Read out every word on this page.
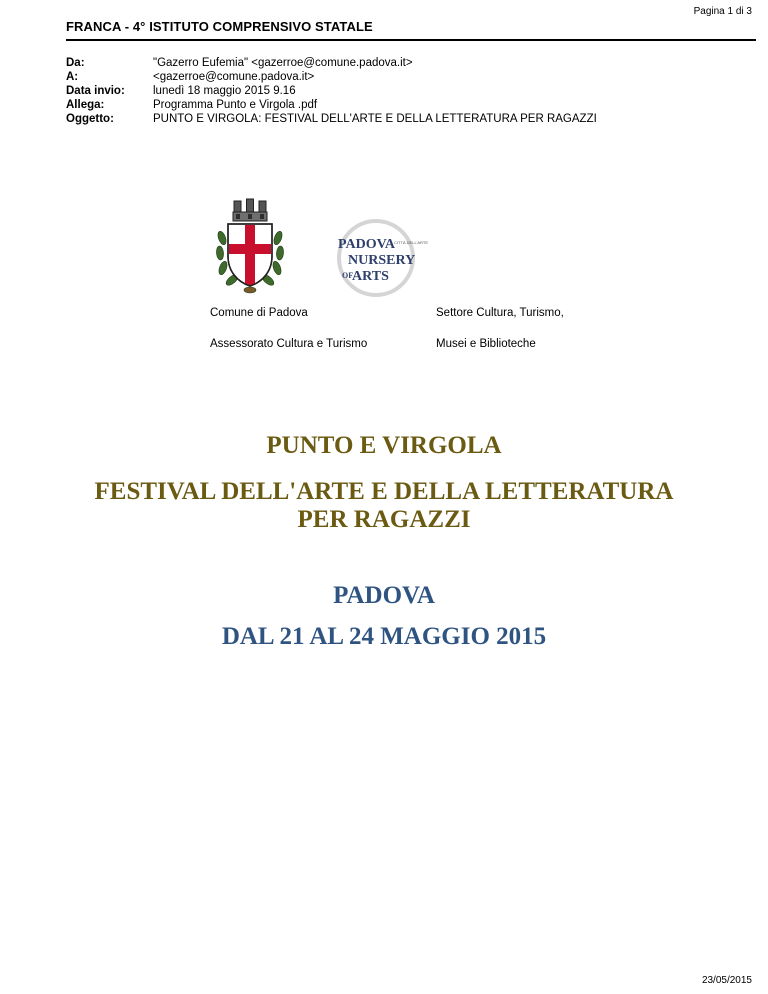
Pagina 1 di 3
FRANCA - 4° ISTITUTO COMPRENSIVO STATALE
Da:	"Gazerro Eufemia" <gazerroe@comune.padova.it>
A:	<gazerroe@comune.padova.it>
Data invio:	lunedì 18 maggio 2015 9.16
Allega:	Programma Punto e Virgola .pdf
Oggetto:	PUNTO E VIRGOLA: FESTIVAL DELL'ARTE E DELLA LETTERATURA PER RAGAZZI
PADOVA
CITTÀ DELL'ARTE
NURSERY
OF
ARTS
Comune di Padova	Settore Cultura, Turismo,
Assessorato Cultura e Turismo	Musei e Biblioteche
PUNTO E VIRGOLA
FESTIVAL DELL'ARTE E DELLA LETTERATURA PER RAGAZZI
PADOVA
DAL 21 AL 24 MAGGIO 2015
23/05/2015
